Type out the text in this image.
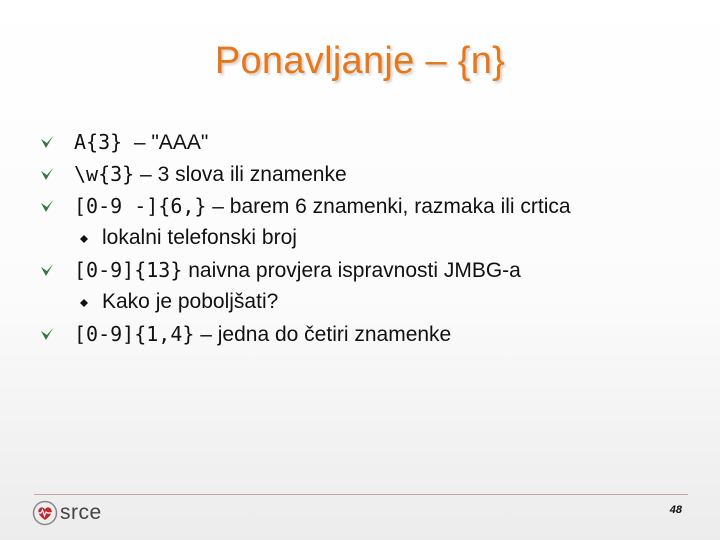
Ponavljanje – {n}
A{3}  – "AAA"
\w{3} – 3 slova ili znamenke
[0-9 -]{6,} – barem 6 znamenki, razmaka ili crtica
lokalni telefonski broj
[0-9]{13} naivna provjera ispravnosti JMBG-a
Kako je poboljšati?
[0-9]{1,4} – jedna do četiri znamenke
srce	48
